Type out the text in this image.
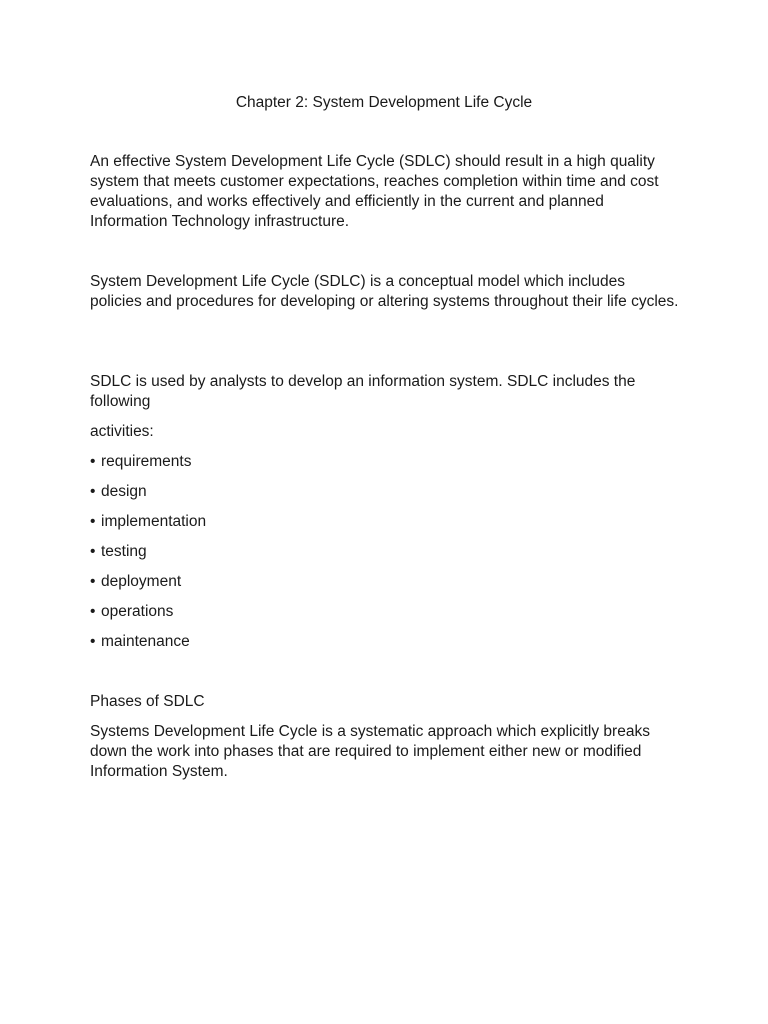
Chapter 2: System Development Life Cycle
An effective System Development Life Cycle (SDLC) should result in a high quality system that meets customer expectations, reaches completion within time and cost evaluations, and works effectively and efficiently in the current and planned Information Technology infrastructure.
System Development Life Cycle (SDLC) is a conceptual model which includes policies and procedures for developing or altering systems throughout their life cycles.
SDLC is used by analysts to develop an information system. SDLC includes the following
activities:
• requirements
• design
• implementation
• testing
• deployment
• operations
• maintenance
Phases of SDLC
Systems Development Life Cycle is a systematic approach which explicitly breaks down the work into phases that are required to implement either new or modified Information System.
